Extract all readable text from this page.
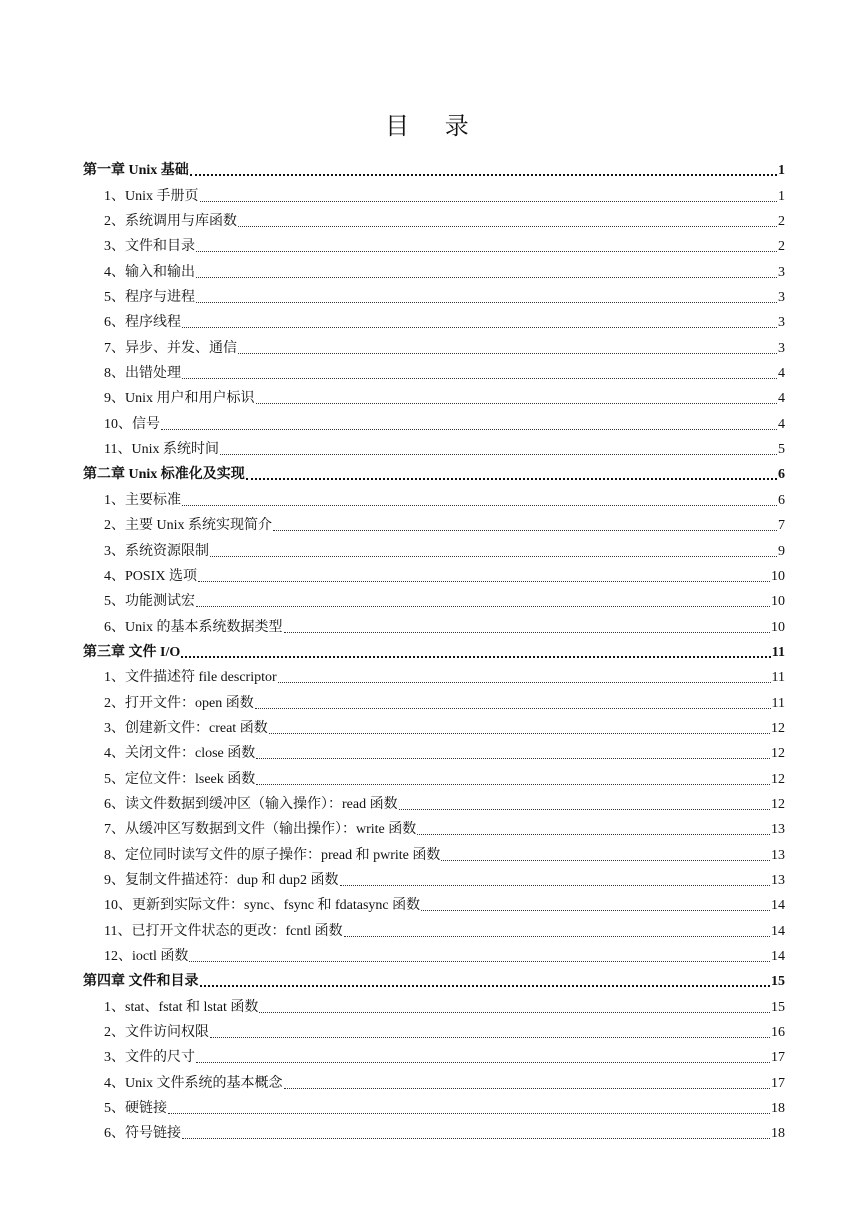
目 录
第一章 Unix 基础	1
1、Unix 手册页	1
2、系统调用与库函数	2
3、文件和目录	2
4、输入和输出	3
5、程序与进程	3
6、程序线程	3
7、异步、并发、通信	3
8、出错处理	4
9、Unix 用户和用户标识	4
10、信号	4
11、Unix 系统时间	5
第二章 Unix 标准化及实现	6
1、主要标准	6
2、主要 Unix 系统实现简介	7
3、系统资源限制	9
4、POSIX 选项	10
5、功能测试宏	10
6、Unix 的基本系统数据类型	10
第三章 文件 I/O	11
1、文件描述符 file descriptor	11
2、打开文件：open 函数	11
3、创建新文件：creat 函数	12
4、关闭文件：close 函数	12
5、定位文件：lseek 函数	12
6、读文件数据到缓冲区（输入操作）：read 函数	12
7、从缓冲区写数据到文件（输出操作）：write 函数	13
8、定位同时读写文件的原子操作：pread 和 pwrite 函数	13
9、复制文件描述符：dup 和 dup2 函数	13
10、更新到实际文件：sync、fsync 和 fdatasync 函数	14
11、已打开文件状态的更改：fcntl 函数	14
12、ioctl 函数	14
第四章 文件和目录	15
1、stat、fstat 和 lstat 函数	15
2、文件访问权限	16
3、文件的尺寸	17
4、Unix 文件系统的基本概念	17
5、硬链接	18
6、符号链接	18
